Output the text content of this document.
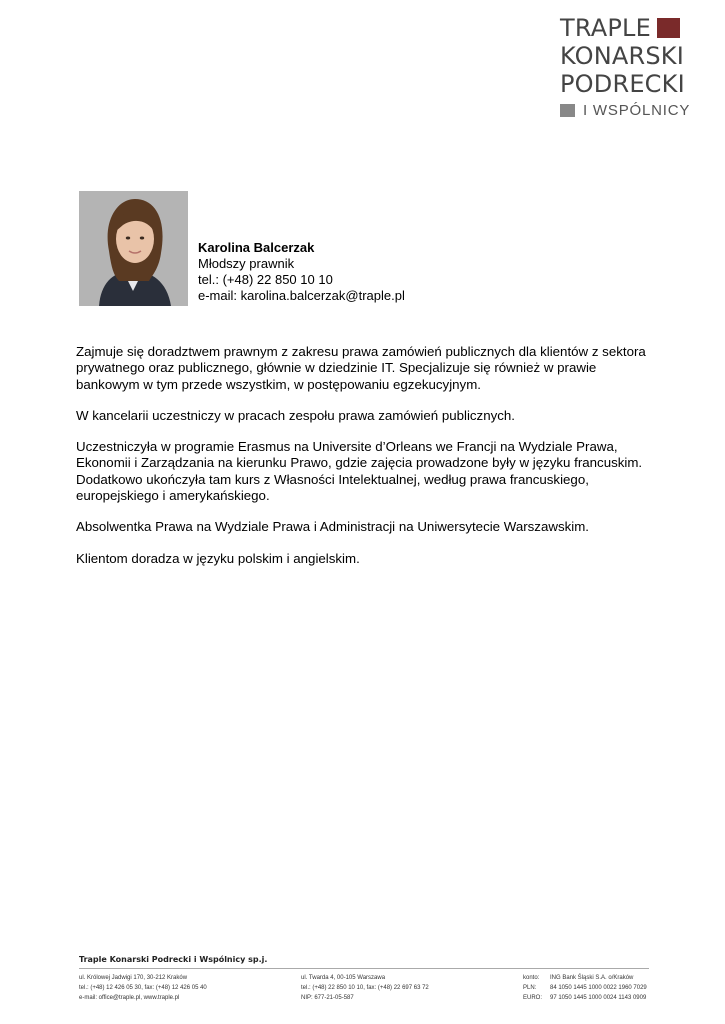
TRAPLE
KONARSKI
PODRECKI
I WSPÓLNICY
Karolina Balcerzak
Młodszy prawnik
tel.: (+48) 22 850 10 10
e-mail: karolina.balcerzak@traple.pl

Zajmuje się doradztwem prawnym z zakresu prawa zamówień publicznych dla klientów z sektora prywatnego oraz publicznego, głównie w dziedzinie IT. Specjalizuje się również w prawie bankowym w tym przede wszystkim, w postępowaniu egzekucyjnym.

W kancelarii uczestniczy w pracach zespołu prawa zamówień publicznych.

Uczestniczyła w programie Erasmus na Universite d’Orleans we Francji na Wydziale Prawa, Ekonomii i Zarządzania na kierunku Prawo, gdzie zajęcia prowadzone były w języku francuskim. Dodatkowo ukończyła tam kurs z Własności Intelektualnej, według prawa francuskiego, europejskiego i amerykańskiego.

Absolwentka Prawa na Wydziale Prawa i Administracji na Uniwersytecie Warszawskim.

Klientom doradza w języku polskim i angielskim.

Traple Konarski Podrecki i Wspólnicy sp.j.
ul. Królowej Jadwigi 170, 30-212 Kraków
tel.: (+48) 12 426 05 30, fax: (+48) 12 426 05 40
e-mail: office@traple.pl, www.traple.pl
ul. Twarda 4, 00-105 Warszawa
tel.: (+48) 22 850 10 10, fax: (+48) 22 697 63 72
NIP: 677-21-05-587
konto:	ING Bank Śląski S.A. o/Kraków
PLN:	84 1050 1445 1000 0022 1960 7029
EURO: 97 1050 1445 1000 0024 1143 0909
